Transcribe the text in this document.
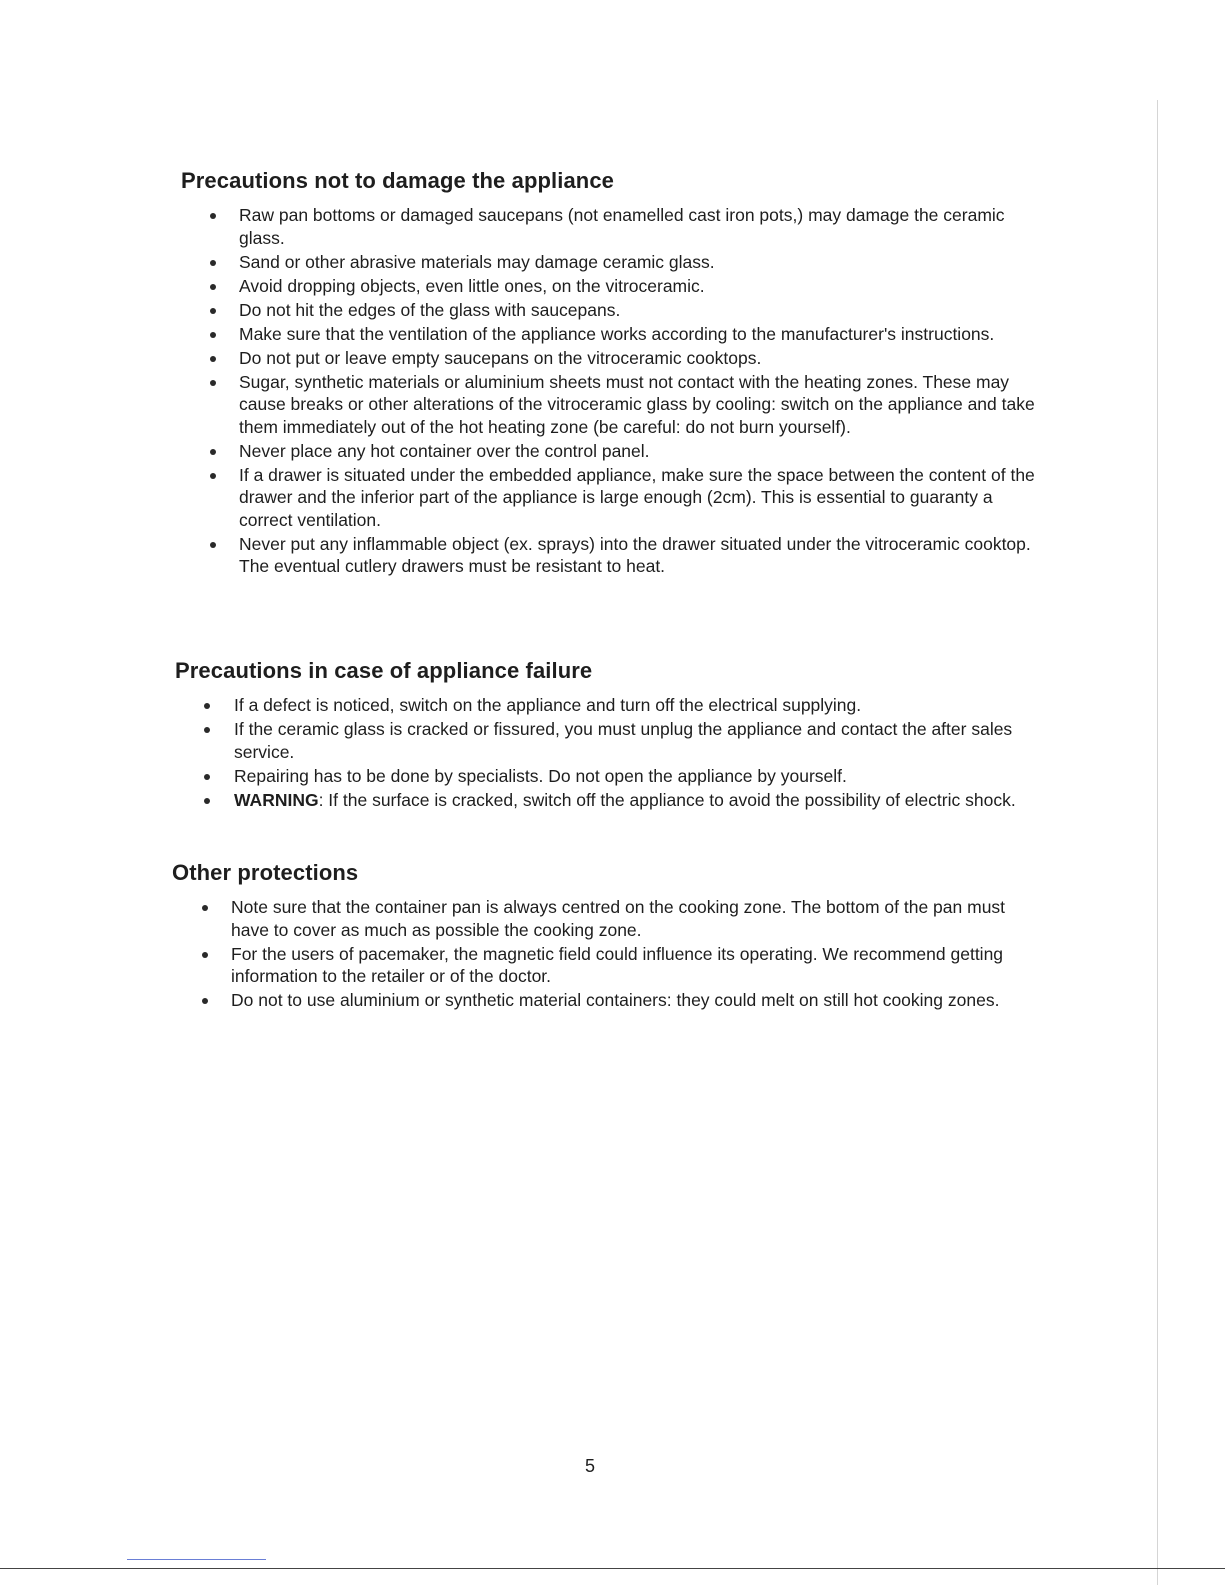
Precautions not to damage the appliance
Raw pan bottoms or damaged saucepans (not enamelled cast iron pots,) may damage the ceramic glass.
Sand or other abrasive materials may damage ceramic glass.
Avoid dropping objects, even little ones, on the vitroceramic.
Do not hit the edges of the glass with saucepans.
Make sure that the ventilation of the appliance works according to the manufacturer's instructions.
Do not put or leave empty saucepans on the vitroceramic cooktops.
Sugar, synthetic materials or aluminium sheets must not contact with the heating zones. These may cause breaks or other alterations of the vitroceramic glass by cooling: switch on the appliance and take them immediately out of the hot heating zone (be careful: do not burn yourself).
Never place any hot container over the control panel.
If a drawer is situated under the embedded appliance, make sure the space between the content of the drawer and the inferior part of the appliance is large enough (2cm). This is essential to guaranty a correct ventilation.
Never put any inflammable object (ex. sprays) into the drawer situated under the vitroceramic cooktop. The eventual cutlery drawers must be resistant to heat.
Precautions in case of appliance failure
If a defect is noticed, switch on the appliance and turn off the electrical supplying.
If the ceramic glass is cracked or fissured, you must unplug the appliance and contact the after sales service.
Repairing has to be done by specialists. Do not open the appliance by yourself.
WARNING: If the surface is cracked, switch off the appliance to avoid the possibility of electric shock.
Other protections
Note sure that the container pan is always centred on the cooking zone. The bottom of the pan must have to cover as much as possible the cooking zone.
For the users of pacemaker, the magnetic field could influence its operating. We recommend getting information to the retailer or of the doctor.
Do not to use aluminium or synthetic material containers: they could melt on still hot cooking zones.
5
